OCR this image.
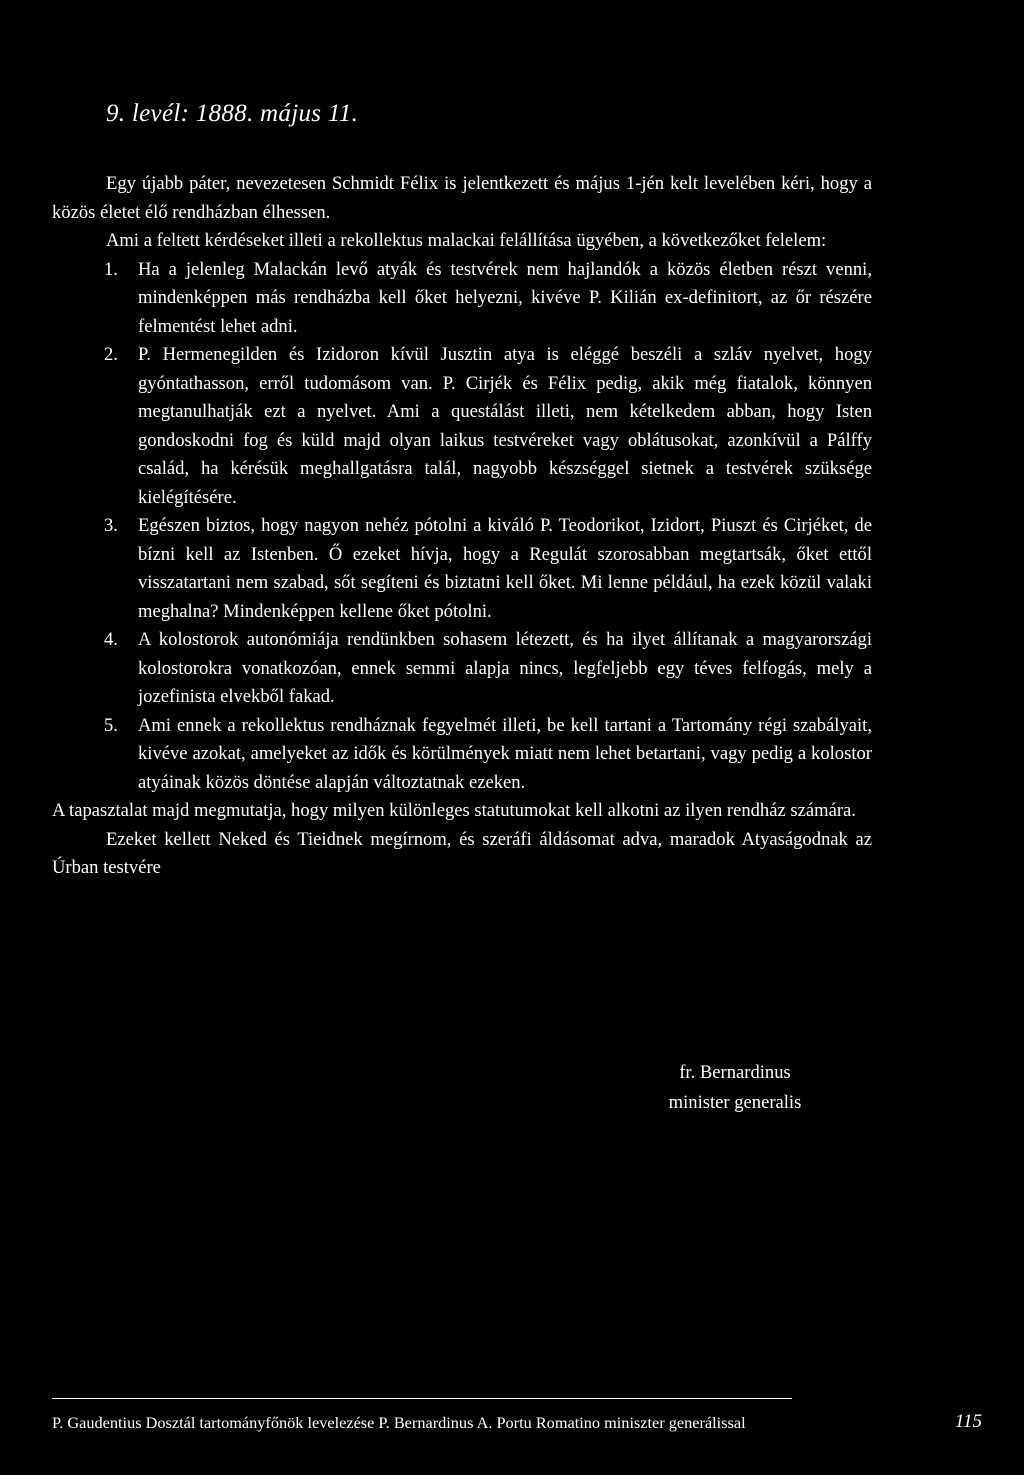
9. levél: 1888. május 11.

Egy újabb páter, nevezetesen Schmidt Félix is jelentkezett és május 1-jén kelt levelében kéri, hogy a közös életet élő rendházban élhessen.

Ami a feltett kérdéseket illeti a rekollektus malackai felállítása ügyében, a következőket felelem:

1. Ha a jelenleg Malackán levő atyák és testvérek nem hajlandók a közös életben részt venni, mindenképpen más rendházba kell őket helyezni, kivéve P. Kilián ex-definitort, az őr részére felmentést lehet adni.
2. P. Hermenegilden és Izidoron kívül Jusztin atya is eléggé beszéli a szláv nyelvet, hogy gyóntathasson, erről tudomásom van. P. Cirjék és Félix pedig, akik még fiatalok, könnyen megtanulhatják ezt a nyelvet. Ami a questálást illeti, nem kételkedem abban, hogy Isten gondoskodni fog és küld majd olyan laikus testvéreket vagy oblátusokat, azonkívül a Pálffy család, ha kérésük meghallgatásra talál, nagyobb készséggel sietnek a testvérek szüksége kielégítésére.
3. Egészen biztos, hogy nagyon nehéz pótolni a kiváló P. Teodorikot, Izidort, Piuszt és Cirjéket, de bízni kell az Istenben. Ő ezeket hívja, hogy a Regulát szorosabban megtartsák, őket ettől visszatartani nem szabad, sőt segíteni és biztatni kell őket. Mi lenne például, ha ezek közül valaki meghalna? Mindenképpen kellene őket pótolni.
4. A kolostorok autonómiája rendünkben sohasem létezett, és ha ilyet állítanak a magyarországi kolostorokra vonatkozóan, ennek semmi alapja nincs, legfeljebb egy téves felfogás, mely a jozefinista elvekből fakad.
5. Ami ennek a rekollektus rendháznak fegyelmét illeti, be kell tartani a Tartomány régi szabályait, kivéve azokat, amelyeket az idők és körülmények miatt nem lehet betartani, vagy pedig a kolostor atyáinak közös döntése alapján változtatnak ezeken.

A tapasztalat majd megmutatja, hogy milyen különleges statutumokat kell alkotni az ilyen rendház számára.

Ezeket kellett Neked és Tieidnek megírnom, és szeráfi áldásomat adva, maradok Atyaságodnak az Úrban testvére

fr. Bernardinus
minister generalis
P. Gaudentius Dosztál tartományfőnök levelezése P. Bernardinus A. Portu Romatino miniszter generálissal	115
